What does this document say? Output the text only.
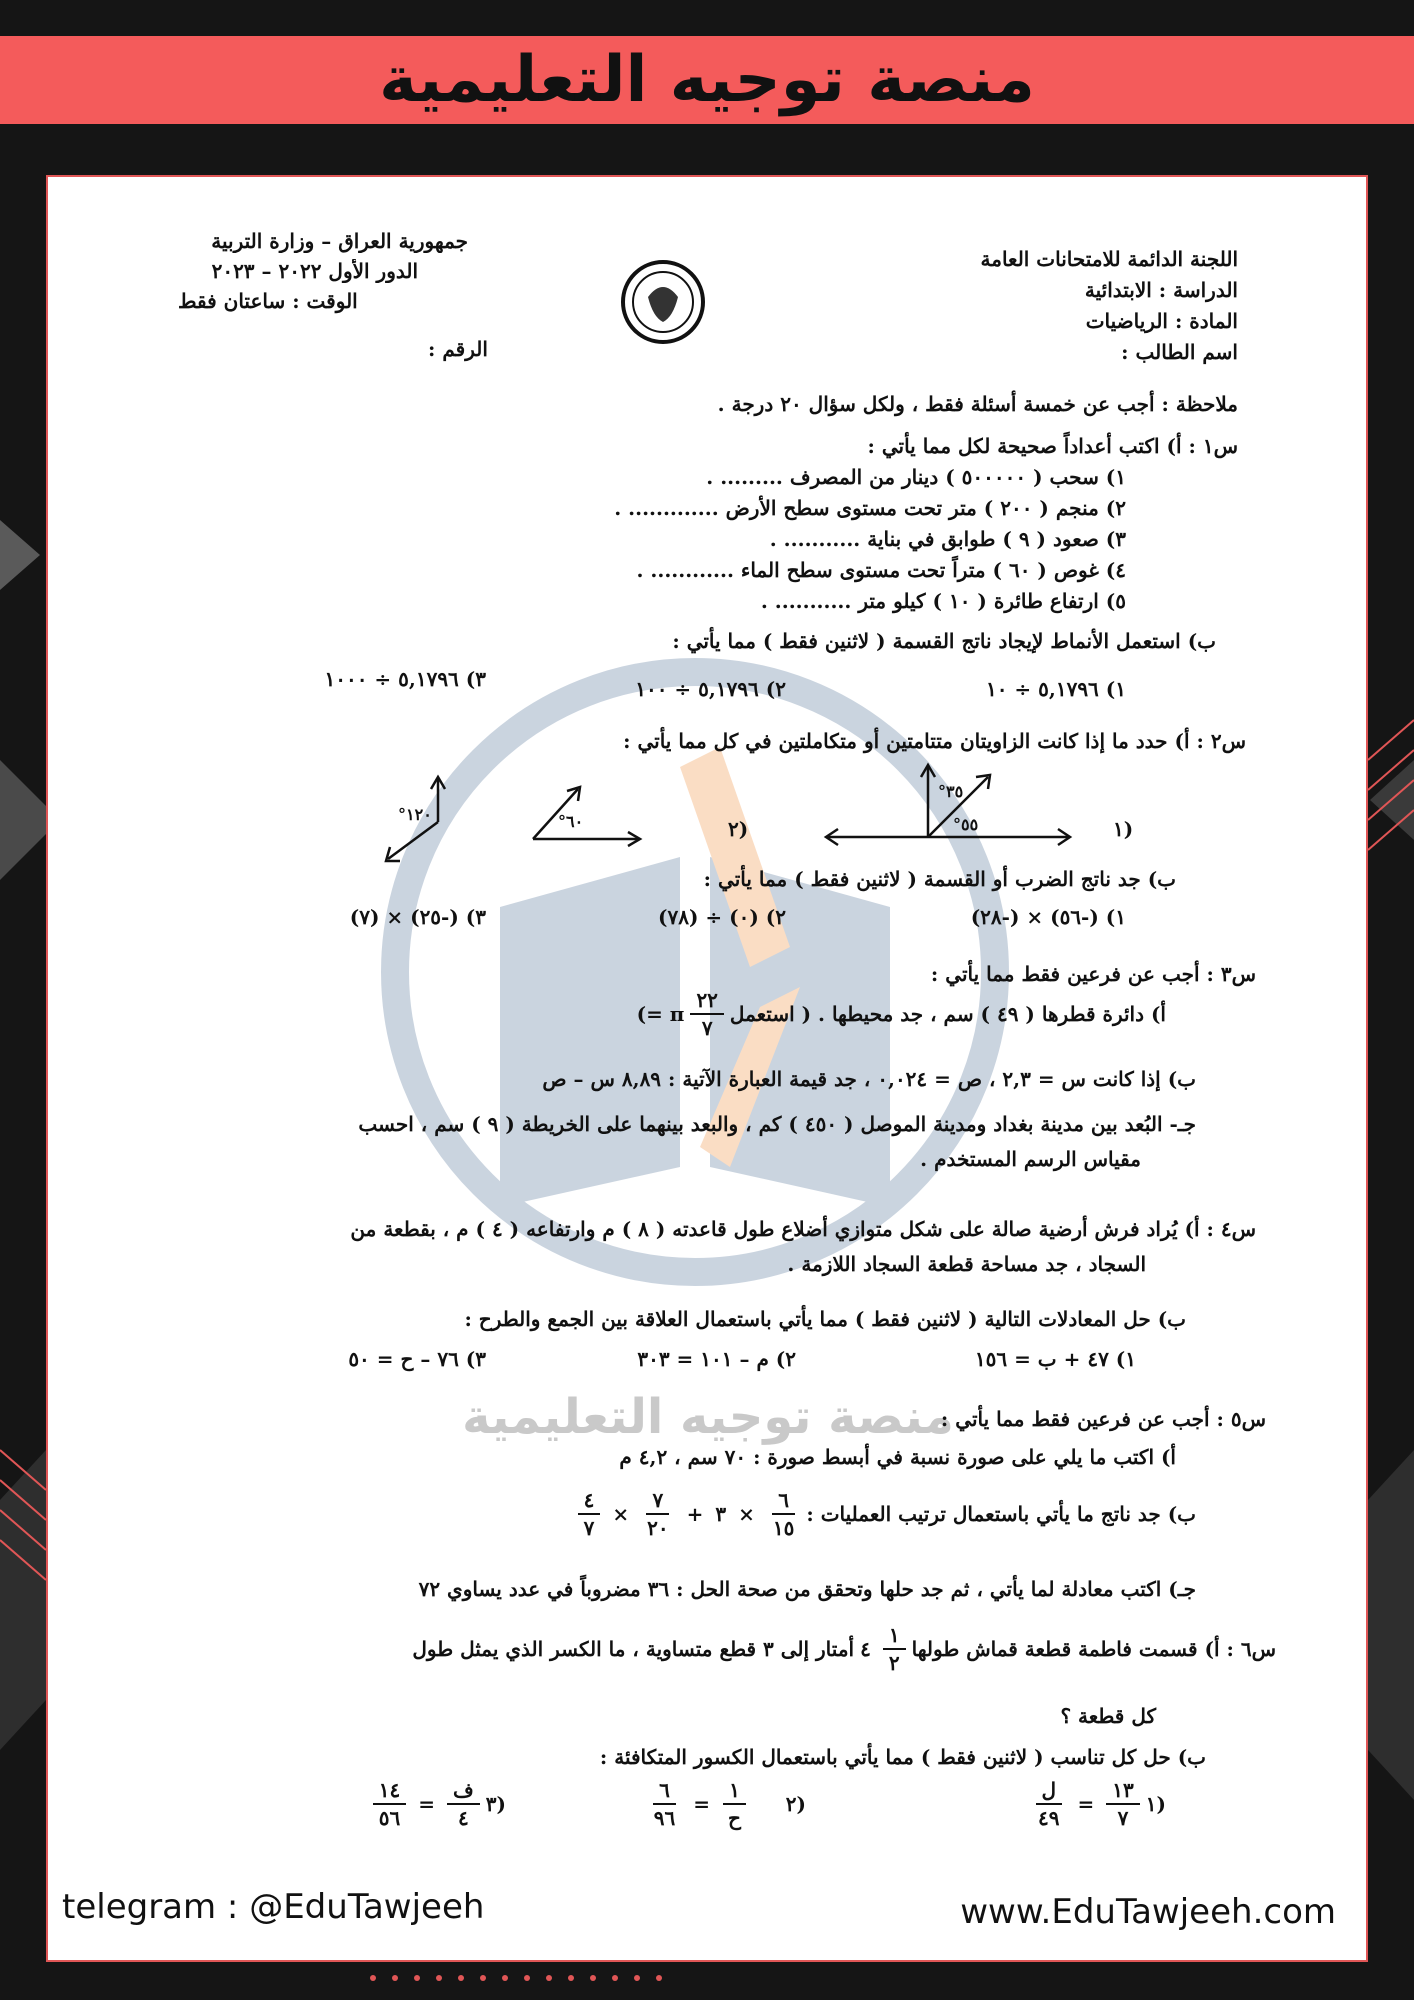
منصة توجيه التعليمية
منصة توجيه التعليمية
اللجنة الدائمة للامتحانات العامة
الدراسة : الابتدائية
المادة : الرياضيات
اسم الطالب :
جمهورية العراق – وزارة التربية
الدور الأول ٢٠٢٢ – ٢٠٢٣
الوقت : ساعتان فقط
الرقم :
ملاحظة : أجب عن خمسة أسئلة فقط ، ولكل سؤال ٢٠ درجة .
س١ : أ) اكتب أعداداً صحيحة لكل مما يأتي :
١) سحب ( ٥٠٠٠٠٠ ) دينار من المصرف ......... .
٢) منجم ( ٢٠٠ ) متر تحت مستوى سطح الأرض ............. .
٣) صعود ( ٩ ) طوابق في بناية ........... .
٤) غوص ( ٦٠ ) متراً تحت مستوى سطح الماء ............ .
٥) ارتفاع طائرة ( ١٠ ) كيلو متر ........... .
ب) استعمل الأنماط لإيجاد ناتج القسمة ( لاثنين فقط ) مما يأتي :
١) ٥,١٧٩٦ ÷ ١٠
٢) ٥,١٧٩٦ ÷ ١٠٠
٣) ٥,١٧٩٦ ÷ ١٠٠٠
س٢ : أ) حدد ما إذا كانت الزاويتان متتامتين أو متكاملتين في كل مما يأتي :
(١
٣٥°
٥٥°
(٢
٦٠°
١٢٠°
ب) جد ناتج الضرب أو القسمة ( لاثنين فقط ) مما يأتي :
١) (-٥٦) × (-٢٨)
٢) (٠) ÷ (٧٨)
٣) (-٢٥) × (٧)
س٣ : أجب عن فرعين فقط مما يأتي :
أ) دائرة قطرها ( ٤٩ ) سم ، جد محيطها . ( استعمل
$\frac{٢٢}{٧}$
π =
)
ب) إذا كانت س = ٢,٣ ، ص = ٠,٠٢٤ ، جد قيمة العبارة الآتية : ٨,٨٩ س – ص
جـ- البُعد بين مدينة بغداد ومدينة الموصل ( ٤٥٠ ) كم ، والبعد بينهما على الخريطة ( ٩ ) سم ، احسب
مقياس الرسم المستخدم .
س٤ : أ) يُراد فرش أرضية صالة على شكل متوازي أضلاع طول قاعدته ( ٨ ) م وارتفاعه ( ٤ ) م ، بقطعة من
السجاد ، جد مساحة قطعة السجاد اللازمة .
ب) حل المعادلات التالية ( لاثنين فقط ) مما يأتي باستعمال العلاقة بين الجمع والطرح :
١) ٤٧ + ب = ١٥٦
٢) م – ١٠١ = ٣٠٣
٣) ٧٦ – ح = ٥٠
س٥ : أجب عن فرعين فقط مما يأتي :
أ) اكتب ما يلي على صورة نسبة في أبسط صورة : ٧٠ سم ، ٤,٢ م
ب) جد ناتج ما يأتي باستعمال ترتيب العمليات :
$\frac{٦}{١٥}$
×
٣
+
$\frac{٧}{٢٠}$
×
$\frac{٤}{٧}$
جـ) اكتب معادلة لما يأتي ، ثم جد حلها وتحقق من صحة الحل : ٣٦ مضروباً في عدد يساوي ٧٢
س٦ : أ) قسمت فاطمة قطعة قماش طولها
$\frac{١}{٢}$
٤
أمتار إلى ٣ قطع متساوية ، ما الكسر الذي يمثل طول
كل قطعة ؟
ب) حل كل تناسب ( لاثنين فقط ) مما يأتي باستعمال الكسور المتكافئة :
(١
$\frac{١٣}{٧}$
=
$\frac{\text{ل}}{٤٩}$
(٢

$\frac{١}{\text{ح}}$
=
$\frac{٦}{٩٦}$
(٣
$\frac{\text{ف}}{٤}$
=
$\frac{١٤}{٥٦}$
telegram : @EduTawjeeh	www.EduTawjeeh.com
